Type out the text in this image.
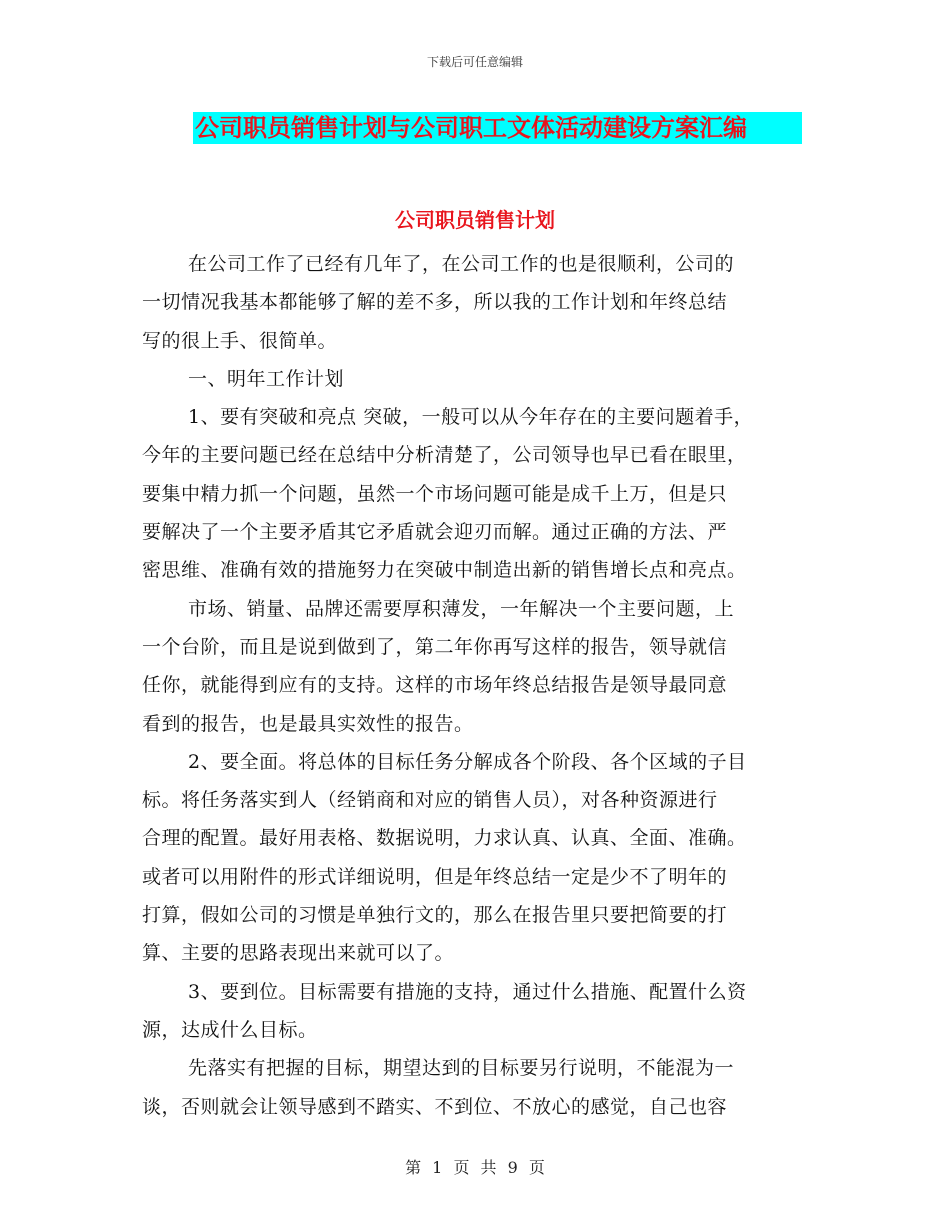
下载后可任意编辑
公司职员销售计划与公司职工文体活动建设方案汇编
公司职员销售计划
在公司工作了已经有几年了，在公司工作的也是很顺利，公司的
一切情况我基本都能够了解的差不多，所以我的工作计划和年终总结
写的很上手、很简单。
一、明年工作计划
1、要有突破和亮点 突破，一般可以从今年存在的主要问题着手，
今年的主要问题已经在总结中分析清楚了，公司领导也早已看在眼里，
要集中精力抓一个问题，虽然一个市场问题可能是成千上万，但是只
要解决了一个主要矛盾其它矛盾就会迎刃而解。通过正确的方法、严
密思维、准确有效的措施努力在突破中制造出新的销售增长点和亮点。
市场、销量、品牌还需要厚积薄发，一年解决一个主要问题，上
一个台阶，而且是说到做到了，第二年你再写这样的报告，领导就信
任你，就能得到应有的支持。这样的市场年终总结报告是领导最同意
看到的报告，也是最具实效性的报告。
2、要全面。将总体的目标任务分解成各个阶段、各个区域的子目
标。将任务落实到人（经销商和对应的销售人员），对各种资源进行
合理的配置。最好用表格、数据说明，力求认真、认真、全面、准确。
或者可以用附件的形式详细说明，但是年终总结一定是少不了明年的
打算，假如公司的习惯是单独行文的，那么在报告里只要把简要的打
算、主要的思路表现出来就可以了。
3、要到位。目标需要有措施的支持，通过什么措施、配置什么资
源，达成什么目标。
先落实有把握的目标，期望达到的目标要另行说明，不能混为一
谈，否则就会让领导感到不踏实、不到位、不放心的感觉，自己也容
第 1 页 共 9 页
